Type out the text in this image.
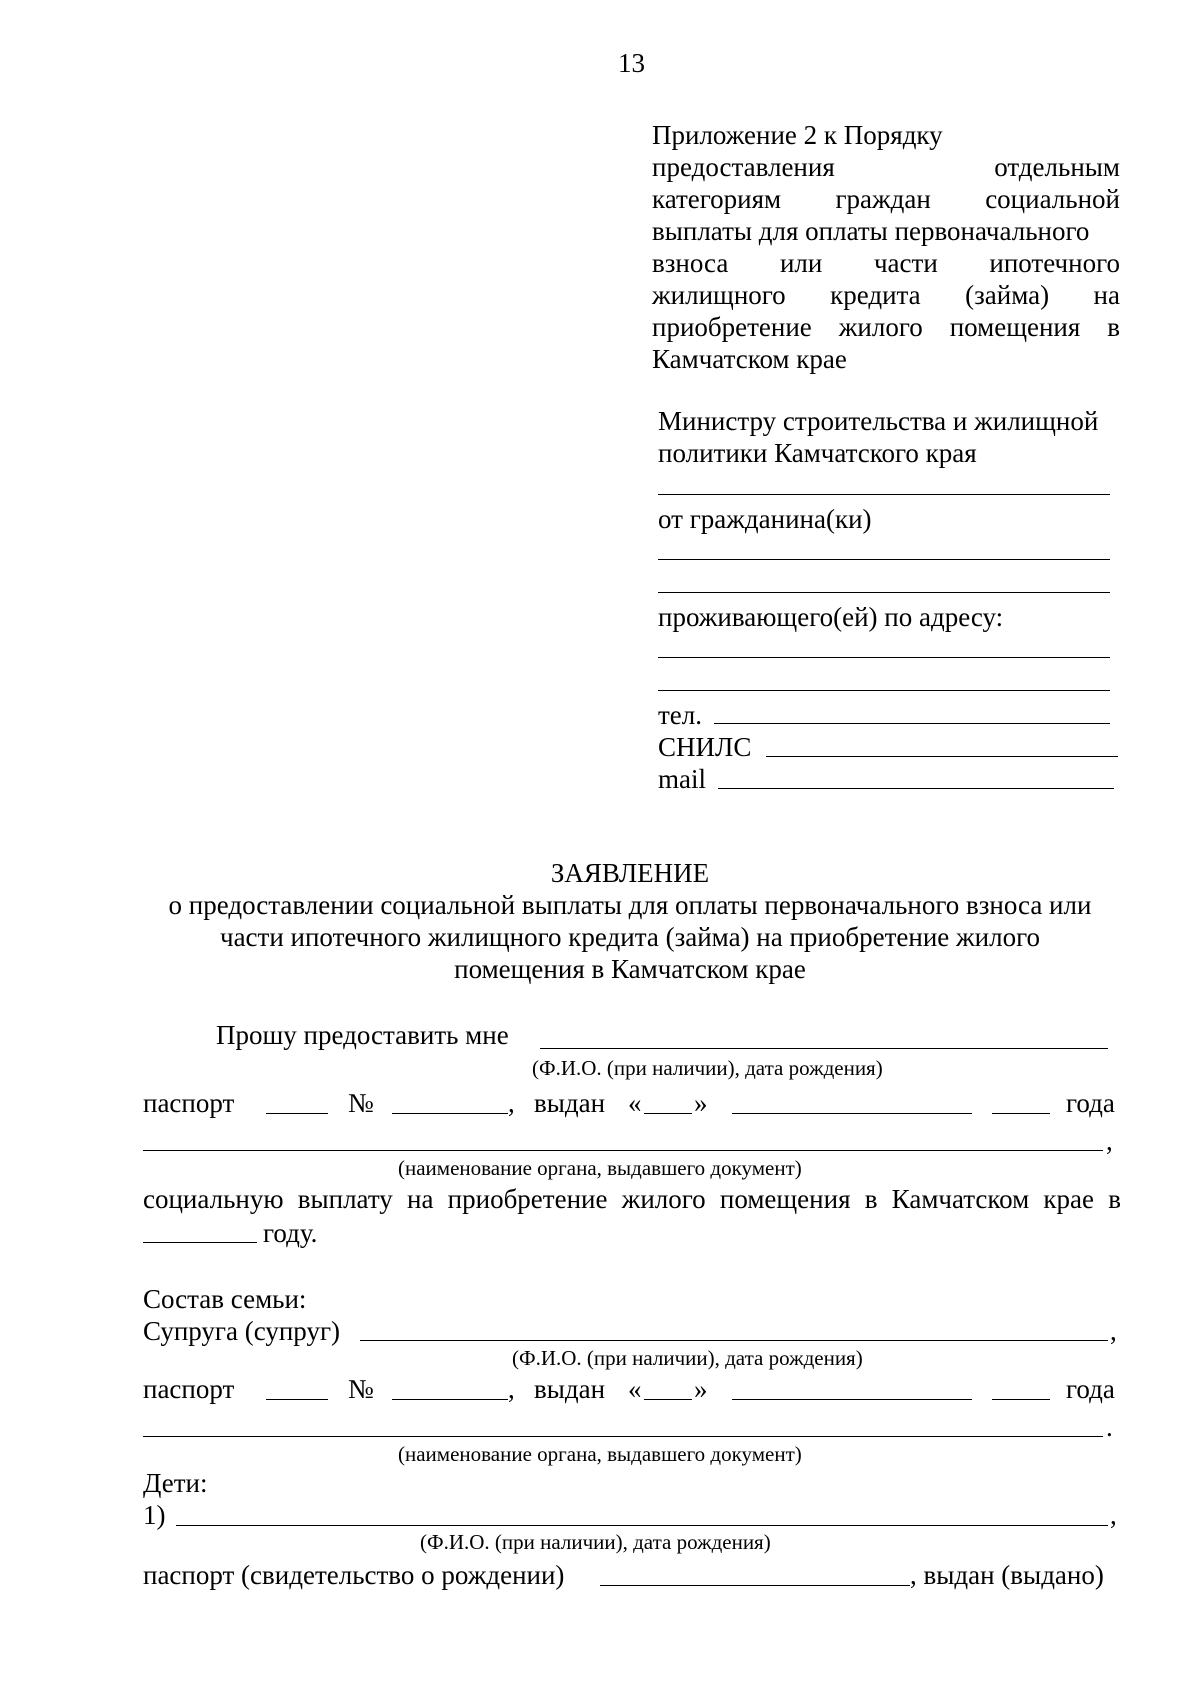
13
Приложение 2 к Порядку
предоставления	отдельным
категориям граждан социальной
выплаты для оплаты первоначального
взноса или части ипотечного
жилищного кредита (займа) на
приобретение жилого помещения в
Камчатском крае
Министру строительства и жилищной
политики Камчатского края
от гражданина(ки)
проживающего(ей) по адресу:
тел.
СНИЛС
mail
ЗАЯВЛЕНИЕ
о предоставлении социальной выплаты для оплаты первоначального взноса или
части ипотечного жилищного кредита (займа) на приобретение жилого
помещения в Камчатском крае
Прошу предоставить мне
(Ф.И.О. (при наличии), дата рождения)
паспорт	№	, выдан « »	года
,
(наименование органа, выдавшего документ)
социальную выплату на приобретение жилого помещения в Камчатском крае в
году.
Состав семьи:
Супруга (супруг)	,
(Ф.И.О. (при наличии), дата рождения)
паспорт	№	, выдан « »	года
.
(наименование органа, выдавшего документ)
Дети:
1)	,
(Ф.И.О. (при наличии), дата рождения)
паспорт (свидетельство о рождении)	, выдан (выдано)
